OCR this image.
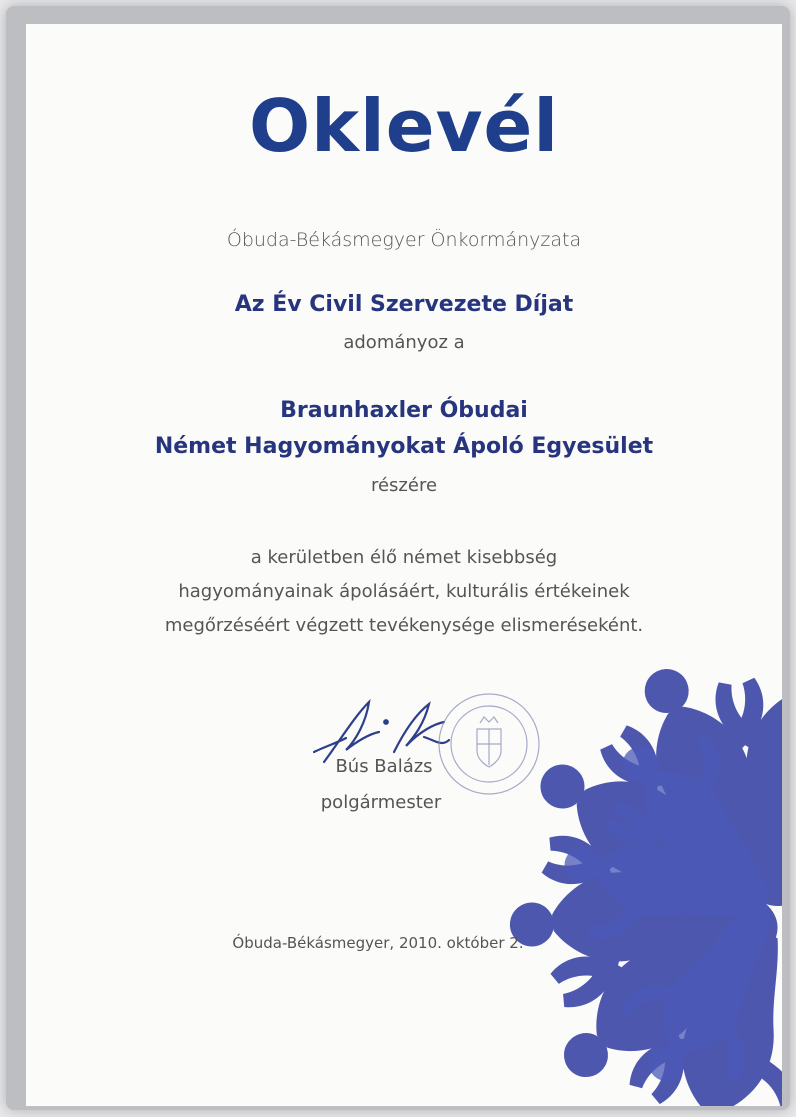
Oklevél
Óbuda-Békásmegyer Önkormányzata
Az Év Civil Szervezete Díjat
adományoz a
Braunhaxler Óbudai
Német Hagyományokat Ápoló Egyesület
részére
a kerületben élő német kisebbség
hagyományainak ápolásáért, kulturális értékeinek
megőrzéséért végzett tevékenysége elismeréseként.
Bús Balázs
polgármester
Óbuda-Békásmegyer, 2010. október 2.
